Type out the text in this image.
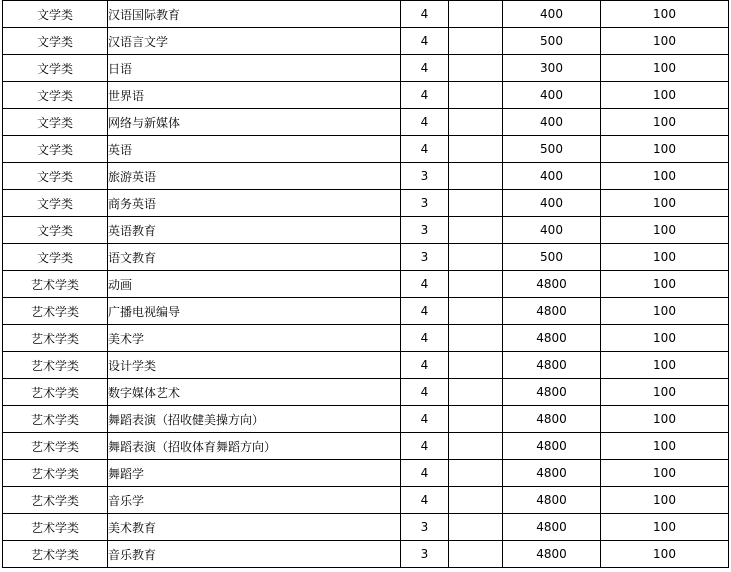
文学类	汉语国际教育	4		400	100
文学类	汉语言文学	4		500	100
文学类	日语	4		300	100
文学类	世界语	4		400	100
文学类	网络与新媒体	4		400	100
文学类	英语	4		500	100
文学类	旅游英语	3		400	100
文学类	商务英语	3		400	100
文学类	英语教育	3		400	100
文学类	语文教育	3		500	100
艺术学类	动画	4		4800	100
艺术学类	广播电视编导	4		4800	100
艺术学类	美术学	4		4800	100
艺术学类	设计学类	4		4800	100
艺术学类	数字媒体艺术	4		4800	100
艺术学类	舞蹈表演（招收健美操方向）	4		4800	100
艺术学类	舞蹈表演（招收体育舞蹈方向）	4		4800	100
艺术学类	舞蹈学	4		4800	100
艺术学类	音乐学	4		4800	100
艺术学类	美术教育	3		4800	100
艺术学类	音乐教育	3		4800	100
